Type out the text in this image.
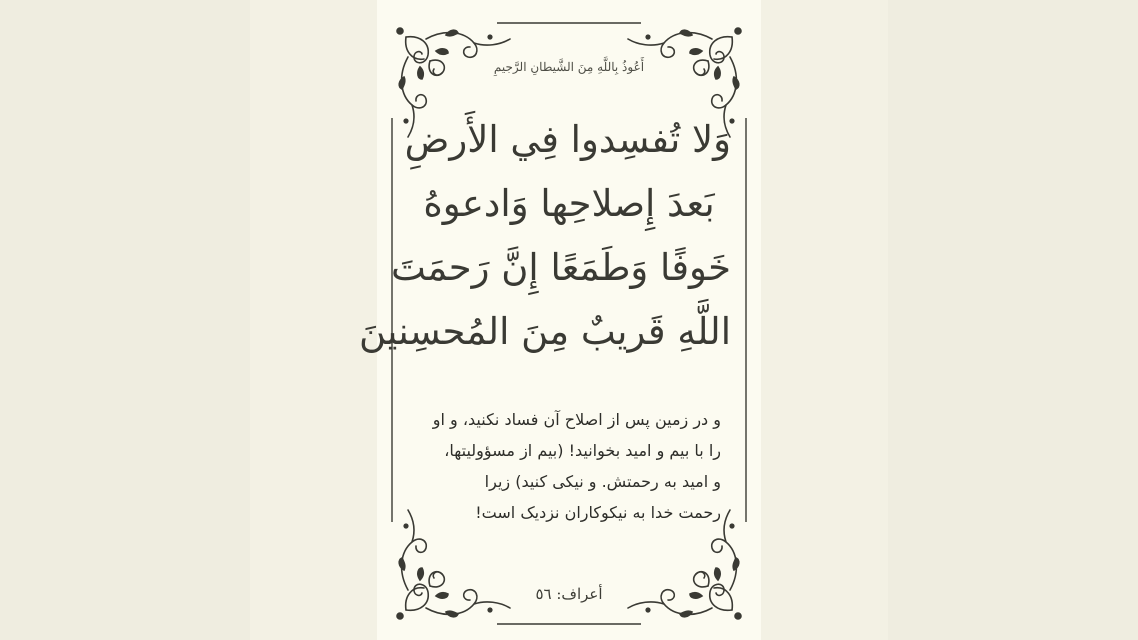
أَعُوذُ بِاللَّهِ مِنَ الشَّيطانِ الرَّجيمِ
وَلا تُفسِدوا فِي الأَرضِ
بَعدَ إِصلاحِها وَادعوهُ
خَوفًا وَطَمَعًا إِنَّ رَحمَتَ
اللَّهِ قَريبٌ مِنَ المُحسِنينَ
و در زمین پس از اصلاح آن فساد نکنید، و او
را با بیم و امید بخوانید! (بیم از مسؤولیتها،
و امید به رحمتش. و نیکی کنید) زیرا
رحمت خدا به نیکوکاران نزدیک است!
أعراف: ٥٦
